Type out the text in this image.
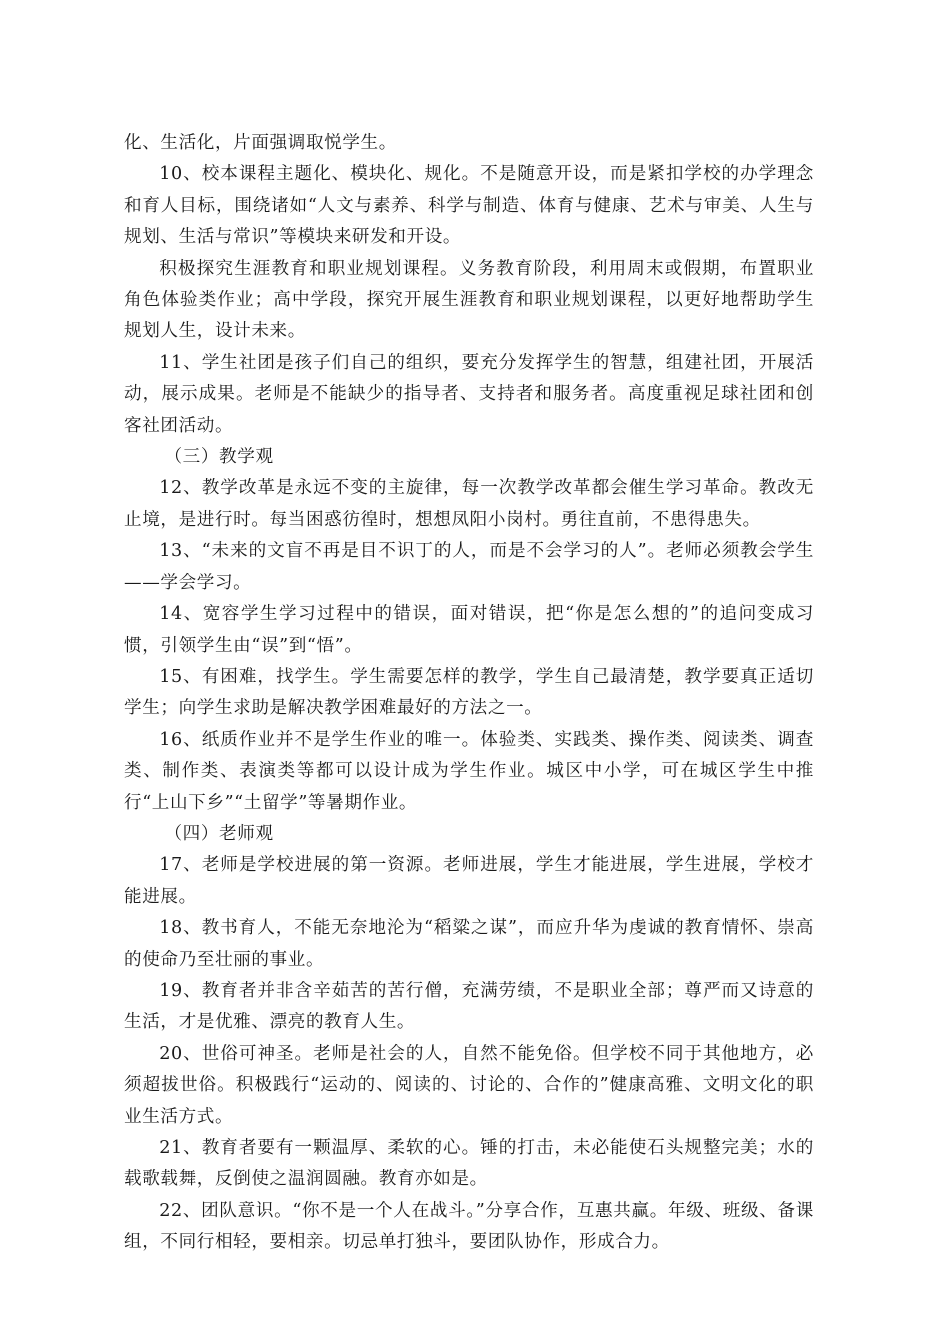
化、生活化，片面强调取悦学生。

10、校本课程主题化、模块化、规化。不是随意开设，而是紧扣学校的办学理念和育人目标，围绕诸如“人文与素养、科学与制造、体育与健康、艺术与审美、人生与规划、生活与常识”等模块来研发和开设。

积极探究生涯教育和职业规划课程。义务教育阶段，利用周末或假期，布置职业角色体验类作业；高中学段，探究开展生涯教育和职业规划课程，以更好地帮助学生规划人生，设计未来。

11、学生社团是孩子们自己的组织，要充分发挥学生的智慧，组建社团，开展活动，展示成果。老师是不能缺少的指导者、支持者和服务者。高度重视足球社团和创客社团活动。

（三）教学观

12、教学改革是永远不变的主旋律，每一次教学改革都会催生学习革命。教改无止境，是进行时。每当困惑彷徨时，想想凤阳小岗村。勇往直前，不患得患失。

13、“未来的文盲不再是目不识丁的人，而是不会学习的人”。老师必须教会学生——学会学习。

14、宽容学生学习过程中的错误，面对错误，把“你是怎么想的”的追问变成习惯，引领学生由“误”到“悟”。

15、有困难，找学生。学生需要怎样的教学，学生自己最清楚，教学要真正适切学生；向学生求助是解决教学困难最好的方法之一。

16、纸质作业并不是学生作业的唯一。体验类、实践类、操作类、阅读类、调查类、制作类、表演类等都可以设计成为学生作业。城区中小学，可在城区学生中推行“上山下乡”“土留学”等暑期作业。

（四）老师观

17、老师是学校进展的第一资源。老师进展，学生才能进展，学生进展，学校才能进展。

18、教书育人，不能无奈地沦为“稻粱之谋”，而应升华为虔诚的教育情怀、崇高的使命乃至壮丽的事业。

19、教育者并非含辛茹苦的苦行僧，充满劳绩，不是职业全部；尊严而又诗意的生活，才是优雅、漂亮的教育人生。

20、世俗可神圣。老师是社会的人，自然不能免俗。但学校不同于其他地方，必须超拔世俗。积极践行“运动的、阅读的、讨论的、合作的”健康高雅、文明文化的职业生活方式。

21、教育者要有一颗温厚、柔软的心。锤的打击，未必能使石头规整完美；水的载歌载舞，反倒使之温润圆融。教育亦如是。

22、团队意识。“你不是一个人在战斗。”分享合作，互惠共赢。年级、班级、备课组，不同行相轻，要相亲。切忌单打独斗，要团队协作，形成合力。
